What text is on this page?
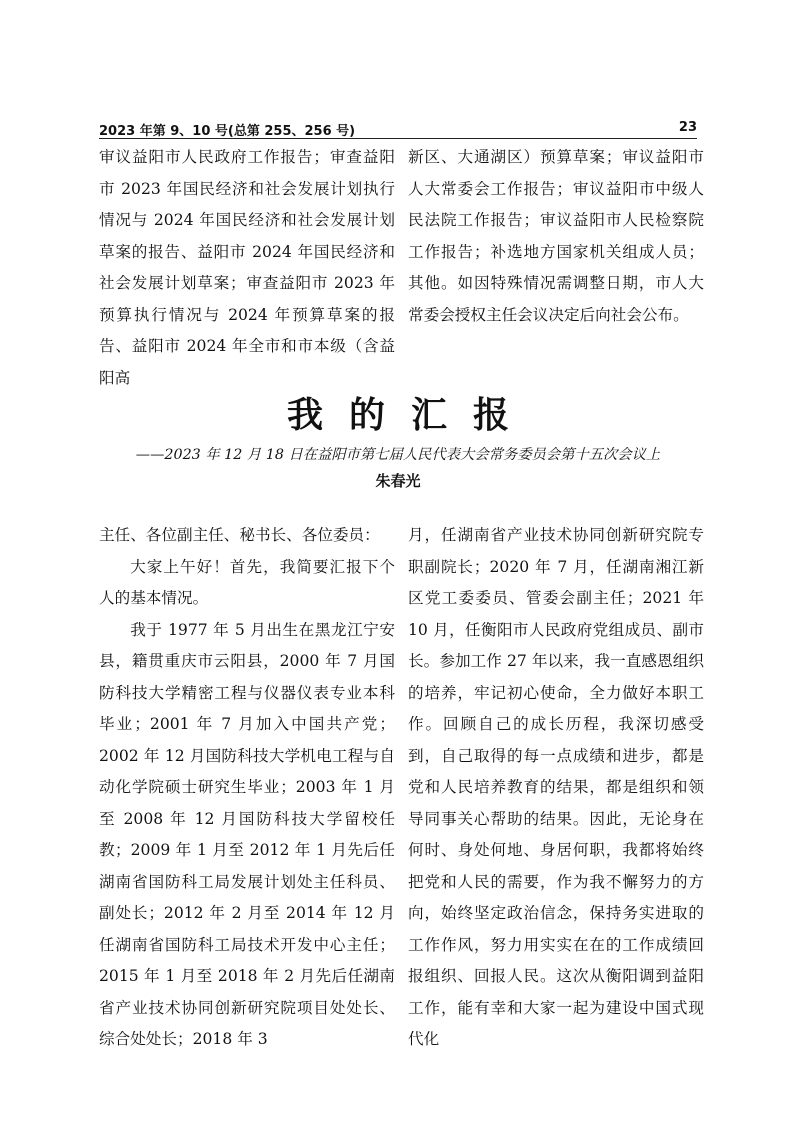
2023 年第 9、10 号(总第 255、256 号)	23

审议益阳市人民政府工作报告；审查益阳市 2023 年国民经济和社会发展计划执行情况与 2024 年国民经济和社会发展计划草案的报告、益阳市 2024 年国民经济和社会发展计划草案；审查益阳市 2023 年预算执行情况与 2024 年预算草案的报告、益阳市 2024 年全市和市本级（含益阳高

新区、大通湖区）预算草案；审议益阳市人大常委会工作报告；审议益阳市中级人民法院工作报告；审议益阳市人民检察院工作报告；补选地方国家机关组成人员；其他。如因特殊情况需调整日期，市人大常委会授权主任会议决定后向社会公布。

我的汇报
——2023 年 12 月 18 日在益阳市第七届人民代表大会常务委员会第十五次会议上
朱春光

主任、各位副主任、秘书长、各位委员：

大家上午好！首先，我简要汇报下个人的基本情况。

我于 1977 年 5 月出生在黑龙江宁安县，籍贯重庆市云阳县，2000 年 7 月国防科技大学精密工程与仪器仪表专业本科毕业；2001 年 7 月加入中国共产党；2002 年 12 月国防科技大学机电工程与自动化学院硕士研究生毕业；2003 年 1 月至 2008 年 12 月国防科技大学留校任教；2009 年 1 月至 2012 年 1 月先后任湖南省国防科工局发展计划处主任科员、副处长；2012 年 2 月至 2014 年 12 月任湖南省国防科工局技术开发中心主任；2015 年 1 月至 2018 年 2 月先后任湖南省产业技术协同创新研究院项目处处长、综合处处长；2018 年 3

月，任湖南省产业技术协同创新研究院专职副院长；2020 年 7 月，任湖南湘江新区党工委委员、管委会副主任；2021 年 10 月，任衡阳市人民政府党组成员、副市长。参加工作 27 年以来，我一直感恩组织的培养，牢记初心使命，全力做好本职工作。回顾自己的成长历程，我深切感受到，自己取得的每一点成绩和进步，都是党和人民培养教育的结果，都是组织和领导同事关心帮助的结果。因此，无论身在何时、身处何地、身居何职，我都将始终把党和人民的需要，作为我不懈努力的方向，始终坚定政治信念，保持务实进取的工作作风，努力用实实在在的工作成绩回报组织、回报人民。这次从衡阳调到益阳工作，能有幸和大家一起为建设中国式现代化
